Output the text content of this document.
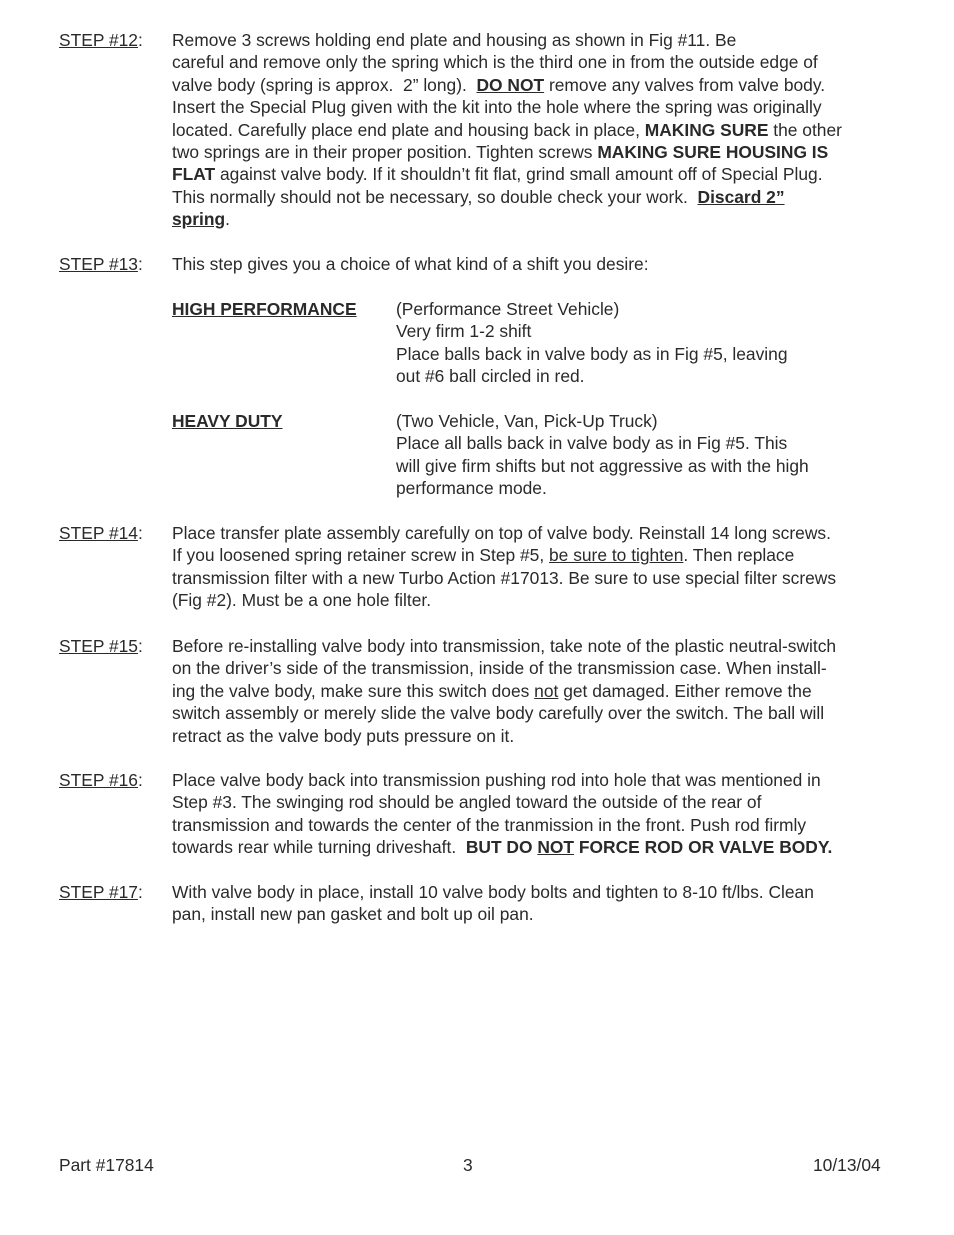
STEP #12: Remove 3 screws holding end plate and housing as shown in Fig #11. Be
careful and remove only the spring which is the third one in from the outside edge of
valve body (spring is approx.  2” long).  DO NOT remove any valves from valve body.
Insert the Special Plug given with the kit into the hole where the spring was originally
located. Carefully place end plate and housing back in place, MAKING SURE the other
two springs are in their proper position. Tighten screws MAKING SURE HOUSING IS
FLAT against valve body. If it shouldn’t fit flat, grind small amount off of Special Plug.
This normally should not be necessary, so double check your work.  Discard 2”
spring.
STEP #13: This step gives you a choice of what kind of a shift you desire:
HIGH PERFORMANCE (Performance Street Vehicle)
Very firm 1-2 shift
Place balls back in valve body as in Fig #5, leaving
out #6 ball circled in red.
HEAVY DUTY	(Two Vehicle, Van, Pick-Up Truck)
Place all balls back in valve body as in Fig #5. This
will give firm shifts but not aggressive as with the high
performance mode.
STEP #14: Place transfer plate assembly carefully on top of valve body. Reinstall 14 long screws.
If you loosened spring retainer screw in Step #5, be sure to tighten. Then replace
transmission filter with a new Turbo Action #17013. Be sure to use special filter screws
(Fig #2). Must be a one hole filter.
STEP #15: Before re-installing valve body into transmission, take note of the plastic neutral-switch
on the driver’s side of the transmission, inside of the transmission case. When install-
ing the valve body, make sure this switch does not get damaged. Either remove the
switch assembly or merely slide the valve body carefully over the switch. The ball will
retract as the valve body puts pressure on it.
STEP #16: Place valve body back into transmission pushing rod into hole that was mentioned in
Step #3. The swinging rod should be angled toward the outside of the rear of
transmission and towards the center of the tranmission in the front. Push rod firmly
towards rear while turning driveshaft.  BUT DO NOT FORCE ROD OR VALVE BODY.
STEP #17: With valve body in place, install 10 valve body bolts and tighten to 8-10 ft/lbs. Clean
pan, install new pan gasket and bolt up oil pan.
Part #17814	3	10/13/04
